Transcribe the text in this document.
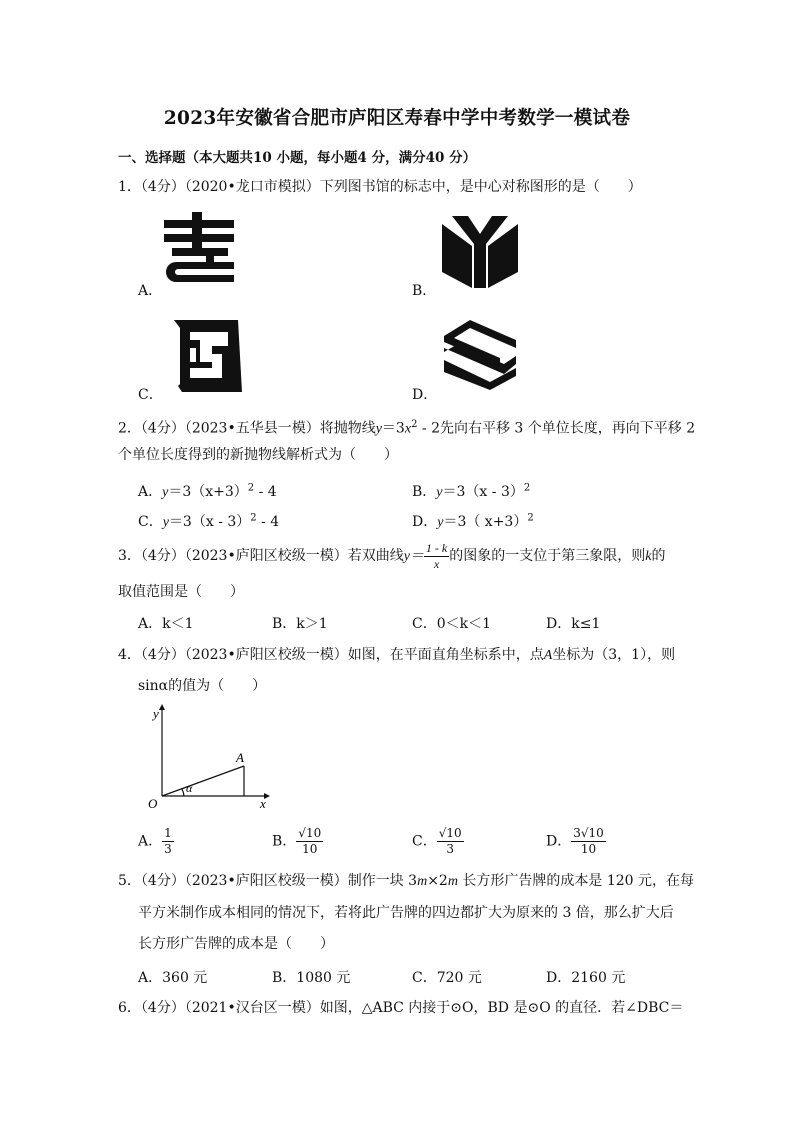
2023年安徽省合肥市庐阳区寿春中学中考数学一模试卷
一、选择题（本大题共10 小题，每小题4 分，满分40 分）
1．（4分）（2020•龙口市模拟）下列图书馆的标志中，是中心对称图形的是（　　）
A．	B．
C．	D．
2．（4分）（2023•五华县一模）将抛物线$y=3x^2 - 2$先向右平移 3 个单位长度，再向下平移 2
个单位长度得到的新抛物线解析式为（　　）
A．$y=3(x+3)^2 - 4$	B．y＝3（x - 3）$^2$
C．y＝3（x - 3）$^2$ - 4	D．y＝3（ x+3）$^2$
3．（4分）（2023•庐阳区校级一模）若双曲线$y= \frac{1 - k}{x}$ 的图象的一支位于第三象限，则k的
取值范围是（　　）
A．k＜1	B．k＞1	C．0＜k＜1	D．k≤1
4．（4分）（2023•庐阳区校级一模）如图，在平面直角坐标系中，点A坐标为（3，1），则
sinα的值为（　　）
y
x
O
A
α
A． $\frac{1}{3}$	B． $\frac{√10}{10}$	C． $\frac{√10}{3}$	D． $\frac{3√10}{10}$
5．（4分）（2023•庐阳区校级一模）制作一块 3m×2m 长方形广告牌的成本是 120 元，在每
平方米制作成本相同的情况下，若将此广告牌的四边都扩大为原来的 3 倍，那么扩大后
长方形广告牌的成本是（　　）
A．360 元	B．1080 元	C．720 元	D．2160 元
6．（4分）（2021•汉台区一模）如图，△ABC 内接于⊙O，BD 是⊙O 的直径．若∠DBC＝
